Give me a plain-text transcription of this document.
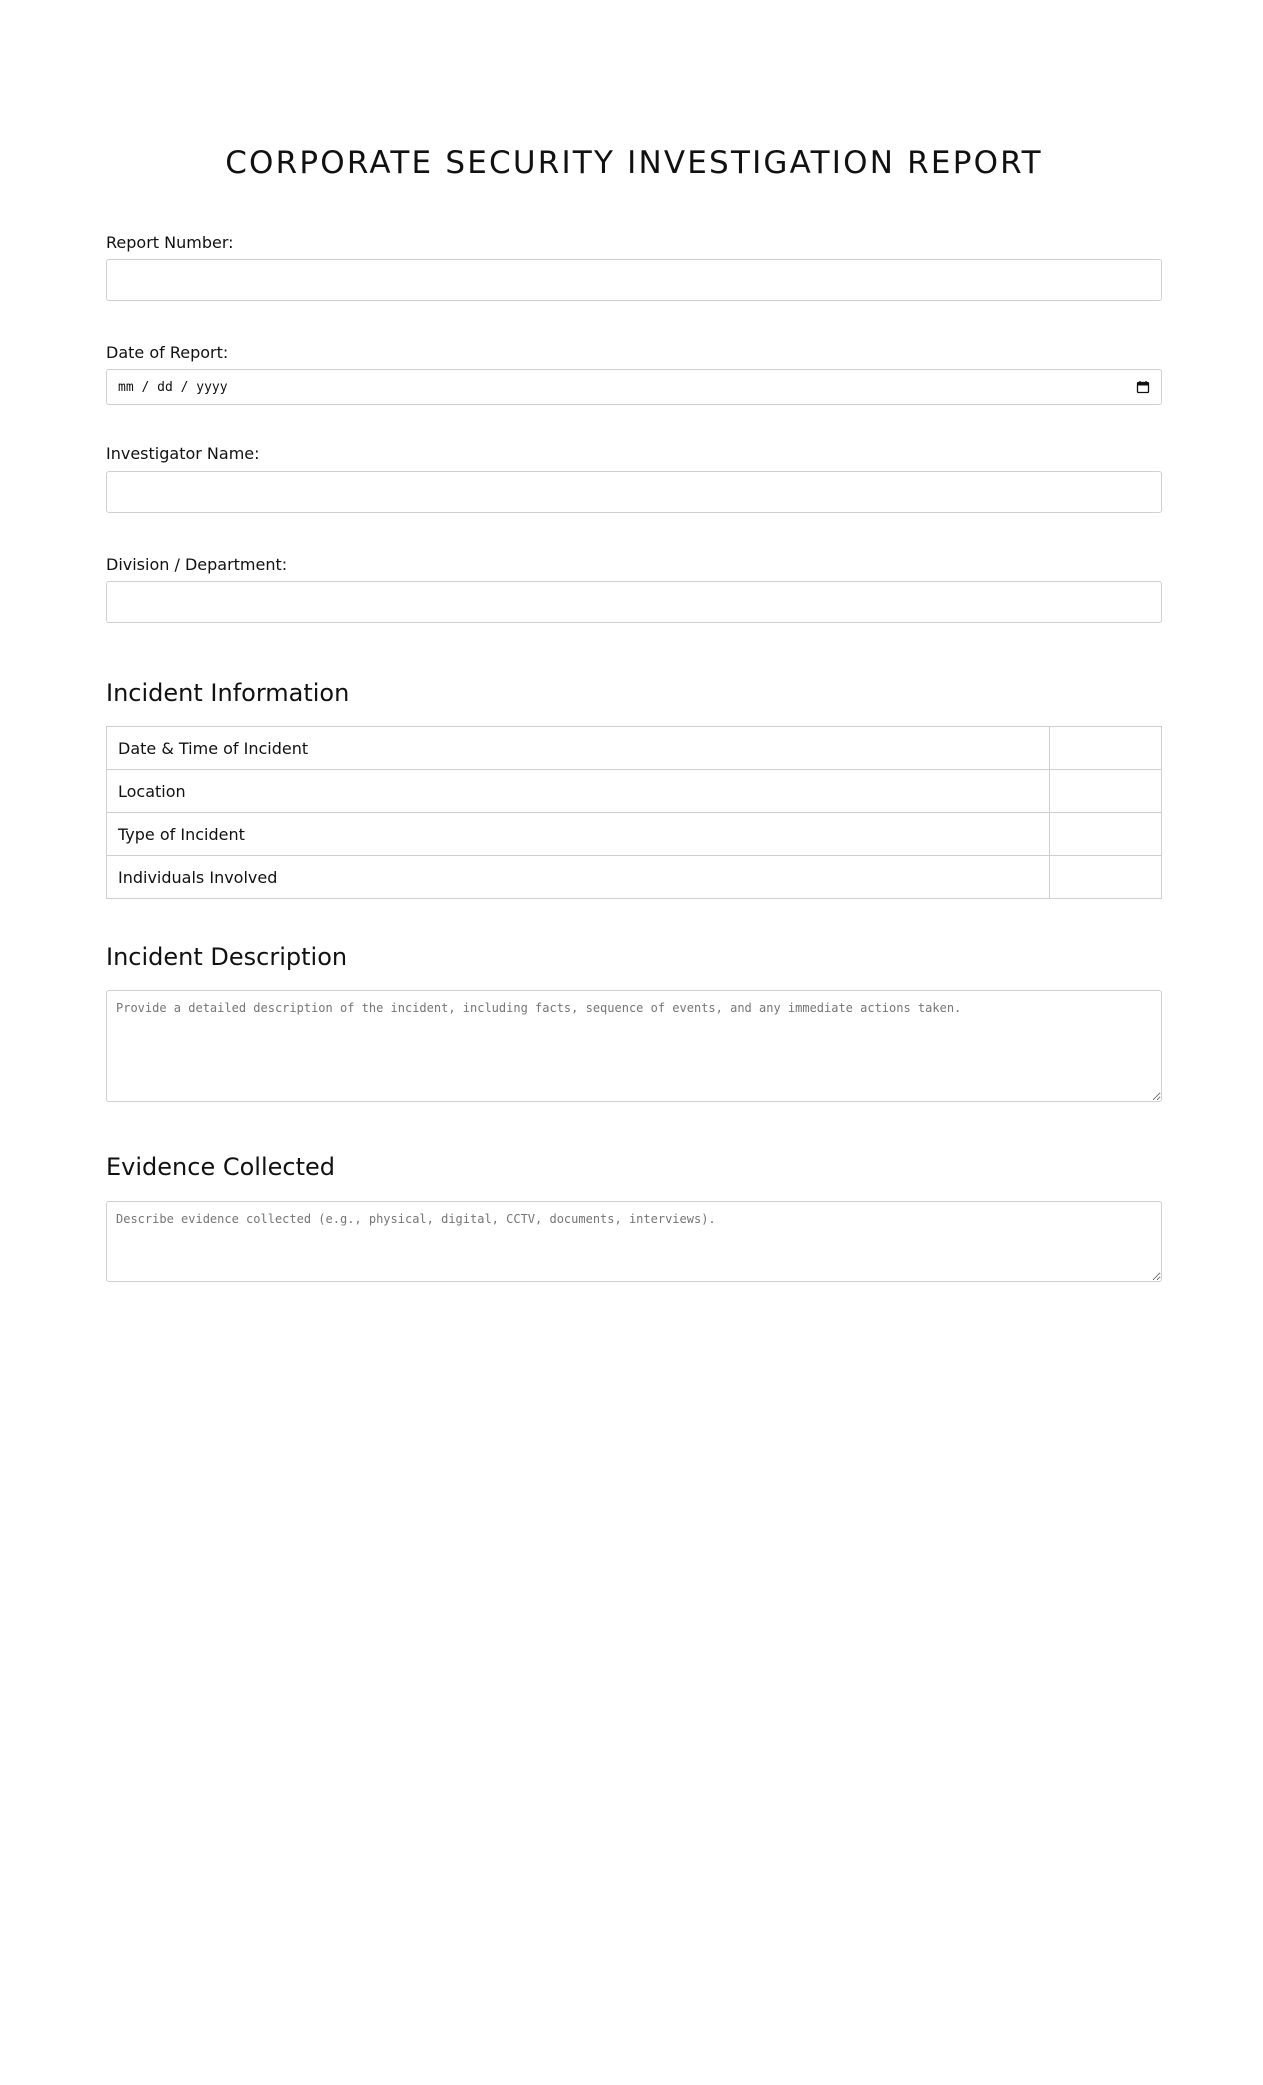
CORPORATE SECURITY INVESTIGATION REPORT
Report Number:
Date of Report:
mm / dd / yyyy
Investigator Name:
Division / Department:
Incident Information
Date & Time of Incident	
Location	
Type of Incident	
Individuals Involved	
Incident Description
Provide a detailed description of the incident, including facts, sequence of events, and any immediate actions taken.
Evidence Collected
Describe evidence collected (e.g., physical, digital, CCTV, documents, interviews).
